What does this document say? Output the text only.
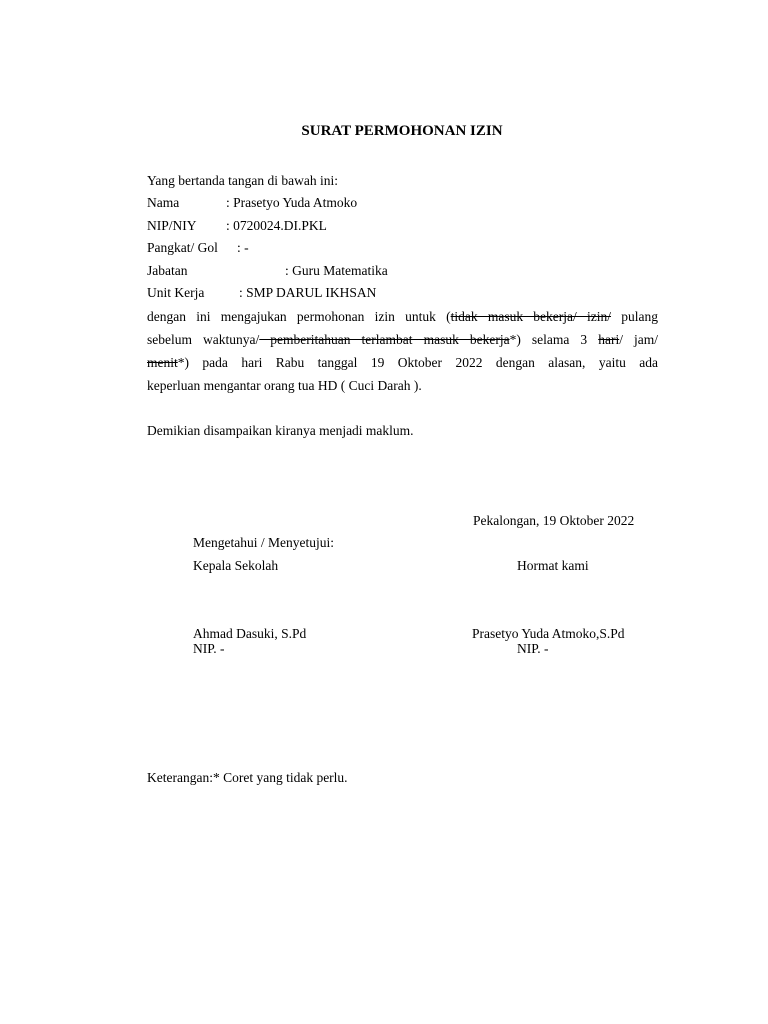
SURAT PERMOHONAN IZIN
Yang bertanda tangan di bawah ini:
Nama	: Prasetyo Yuda Atmoko
NIP/NIY : 0720024.DI.PKL
Pangkat/ Gol : -
Jabatan	: Guru Matematika
Unit Kerja	: SMP DARUL IKHSAN
dengan ini mengajukan permohonan izin untuk (tidak masuk bekerja/ izin/ pulang
sebelum waktunya/ pemberitahuan terlambat masuk bekerja*) selama 3 hari/ jam/
menit*) pada hari Rabu tanggal 19 Oktober 2022 dengan alasan, yaitu ada
keperluan mengantar orang tua HD ( Cuci Darah ).
Demikian disampaikan kiranya menjadi maklum.
Pekalongan, 19 Oktober 2022
Mengetahui / Menyetujui:
Kepala Sekolah	Hormat kami
Ahmad Dasuki, S.Pd
NIP. -
Prasetyo Yuda Atmoko,S.Pd
NIP. -
Keterangan:* Coret yang tidak perlu.
